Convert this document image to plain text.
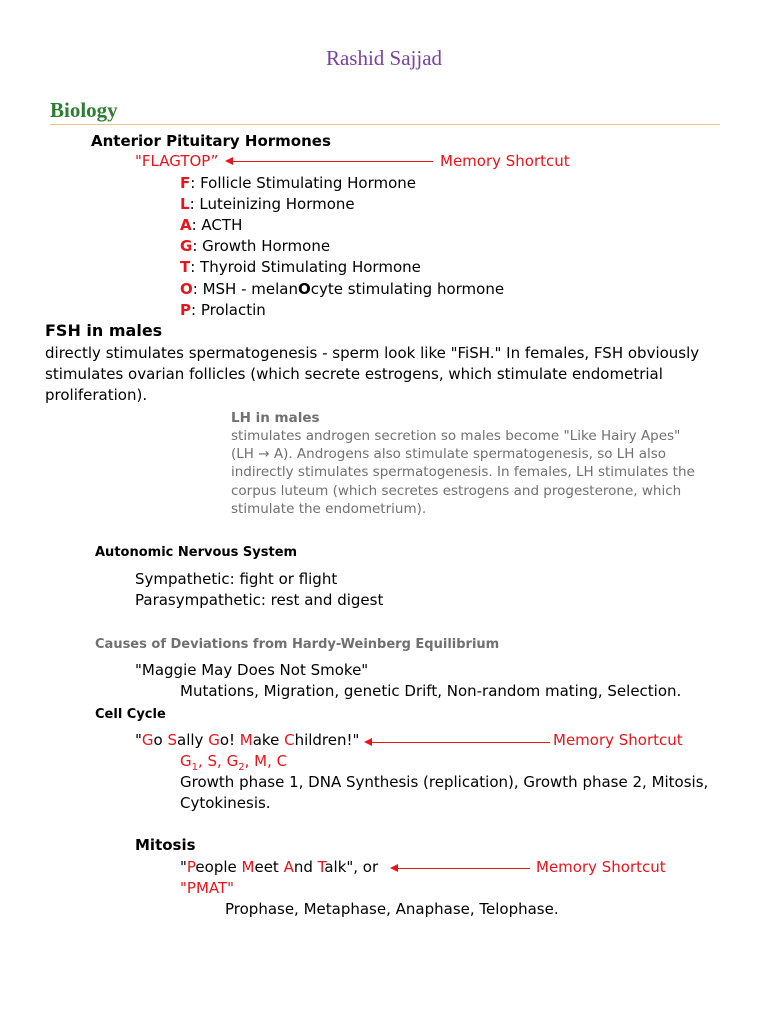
Rashid Sajjad
Biology
Anterior Pituitary Hormones
"FLAGTOP”	Memory Shortcut
F: Follicle Stimulating Hormone
L: Luteinizing Hormone
A: ACTH
G: Growth Hormone
T: Thyroid Stimulating Hormone
O: MSH - melanOcyte stimulating hormone
P: Prolactin
FSH in males
directly stimulates spermatogenesis - sperm look like "FiSH." In females, FSH obviously stimulates ovarian follicles (which secrete estrogens, which stimulate endometrial proliferation).
LH in males
stimulates androgen secretion so males become "Like Hairy Apes" (LH → A). Androgens also stimulate spermatogenesis, so LH also indirectly stimulates spermatogenesis. In females, LH stimulates the corpus luteum (which secretes estrogens and progesterone, which stimulate the endometrium).
Autonomic Nervous System
Sympathetic: fight or flight
Parasympathetic: rest and digest
Causes of Deviations from Hardy-Weinberg Equilibrium
"Maggie May Does Not Smoke"
Mutations, Migration, genetic Drift, Non-random mating, Selection.
Cell Cycle
"Go Sally Go! Make Children!"	Memory Shortcut
$G_1$, S, $G_2$, M, C
Growth phase 1, DNA Synthesis (replication), Growth phase 2, Mitosis,
Cytokinesis.
Mitosis
"People Meet And Talk", or	Memory Shortcut
"PMAT"
Prophase, Metaphase, Anaphase, Telophase.
